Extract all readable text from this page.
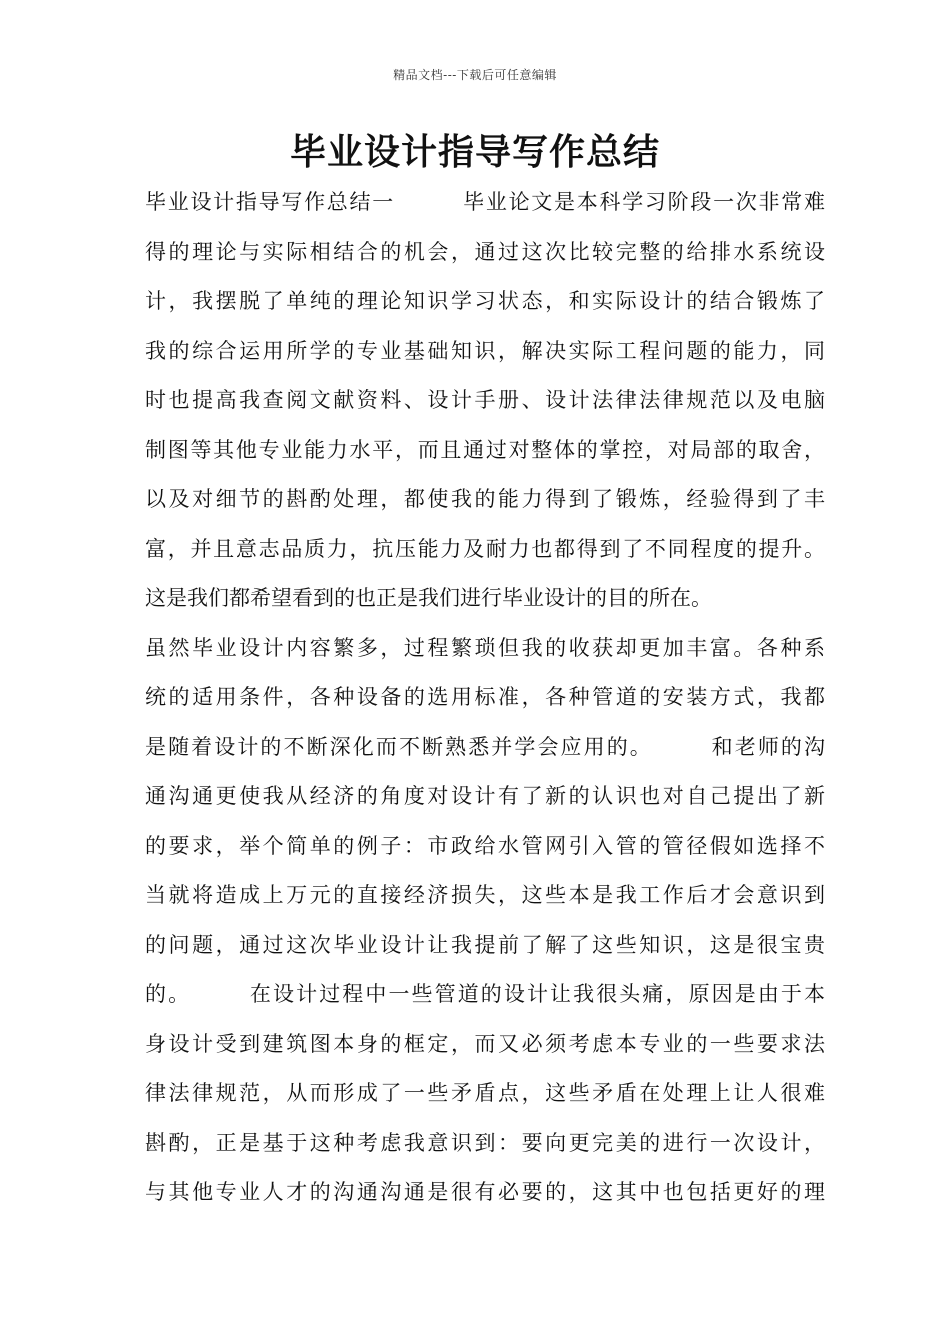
精品文档---下载后可任意编辑
毕业设计指导写作总结
毕业设计指导写作总结一　　　毕业论文是本科学习阶段一次非常难
得的理论与实际相结合的机会，通过这次比较完整的给排水系统设
计，我摆脱了单纯的理论知识学习状态，和实际设计的结合锻炼了
我的综合运用所学的专业基础知识，解决实际工程问题的能力，同
时也提高我查阅文献资料、设计手册、设计法律法律规范以及电脑
制图等其他专业能力水平，而且通过对整体的掌控，对局部的取舍，
以及对细节的斟酌处理，都使我的能力得到了锻炼，经验得到了丰
富，并且意志品质力，抗压能力及耐力也都得到了不同程度的提升。
这是我们都希望看到的也正是我们进行毕业设计的目的所在。
虽然毕业设计内容繁多，过程繁琐但我的收获却更加丰富。各种系
统的适用条件，各种设备的选用标准，各种管道的安装方式，我都
是随着设计的不断深化而不断熟悉并学会应用的。　　　和老师的沟
通沟通更使我从经济的角度对设计有了新的认识也对自己提出了新
的要求，举个简单的例子：市政给水管网引入管的管径假如选择不
当就将造成上万元的直接经济损失，这些本是我工作后才会意识到
的问题，通过这次毕业设计让我提前了解了这些知识，这是很宝贵
的。　　　在设计过程中一些管道的设计让我很头痛，原因是由于本
身设计受到建筑图本身的框定，而又必须考虑本专业的一些要求法
律法律规范，从而形成了一些矛盾点，这些矛盾在处理上让人很难
斟酌，正是基于这种考虑我意识到：要向更完美的进行一次设计，
与其他专业人才的沟通沟通是很有必要的，这其中也包括更好的理
